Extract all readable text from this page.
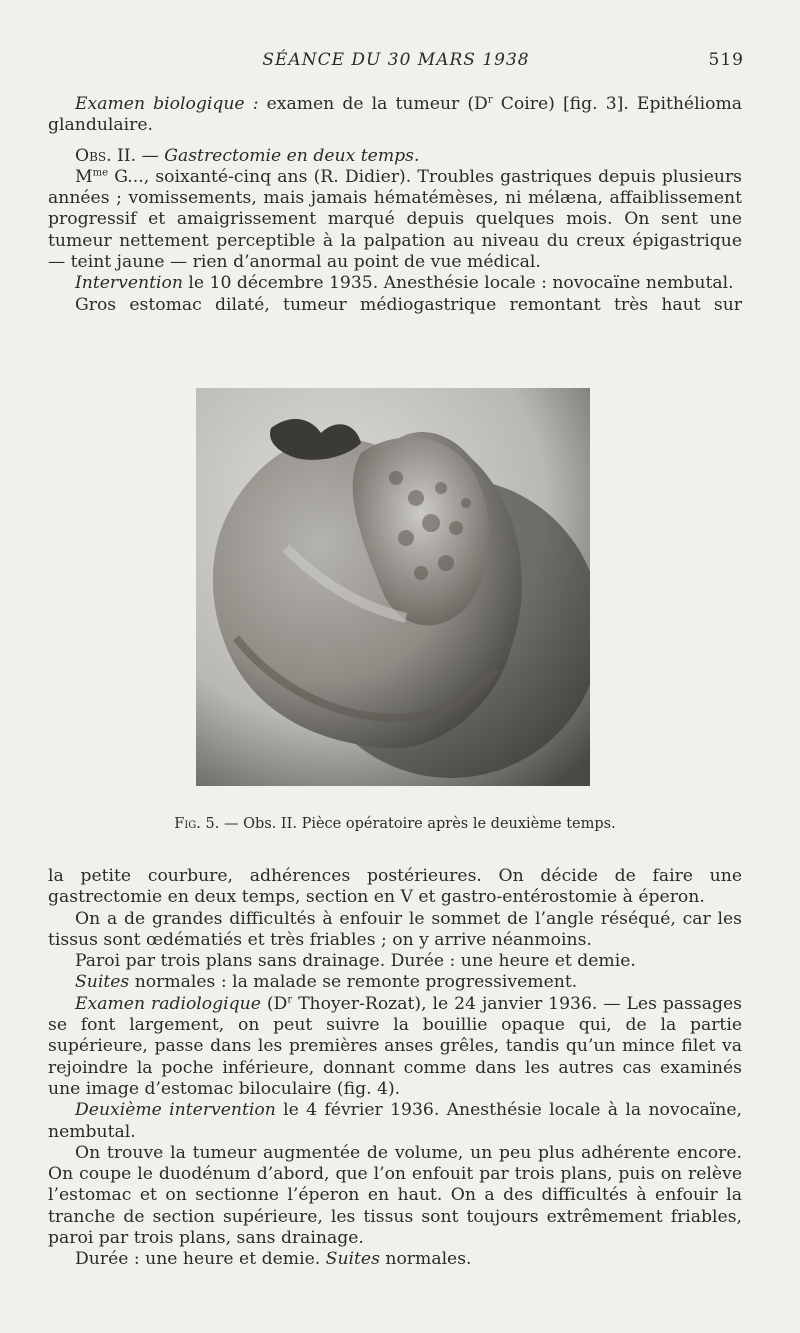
SÉANCE DU 30 MARS 1938	519

Examen biologique : examen de la tumeur ($D^r$ Coire) [fig. 3]. Epithélioma glandulaire.

Obs. II. — Gastrectomie en deux temps.

$M^{me}$ G..., soixanté-cinq ans (R. Didier). Troubles gastriques depuis plusieurs années ; vomissements, mais jamais hématémèses, ni mélæna, affaiblissement progressif et amaigrissement marqué depuis quelques mois. On sent une tumeur nettement perceptible à la palpation au niveau du creux épigastrique — teint jaune — rien d’anormal au point de vue médical.

Intervention le 10 décembre 1935. Anesthésie locale : novocaïne nembutal.

Gros estomac dilaté, tumeur médiogastrique remontant très haut sur

Fig. 5. — Obs. II. Pièce opératoire après le deuxième temps.

la petite courbure, adhérences postérieures. On décide de faire une gastrectomie en deux temps, section en V et gastro-entérostomie à éperon.

On a de grandes difficultés à enfouir le sommet de l’angle réséqué, car les tissus sont œdématiés et très friables ; on y arrive néanmoins.

Paroi par trois plans sans drainage. Durée : une heure et demie.

Suites normales : la malade se remonte progressivement.

Examen radiologique ($D^r$ Thoyer-Rozat), le 24 janvier 1936. — Les passages se font largement, on peut suivre la bouillie opaque qui, de la partie supérieure, passe dans les premières anses grêles, tandis qu’un mince filet va rejoindre la poche inférieure, donnant comme dans les autres cas examinés une image d’estomac biloculaire (fig. 4).

Deuxième intervention le 4 février 1936. Anesthésie locale à la novocaïne, nembutal.

On trouve la tumeur augmentée de volume, un peu plus adhérente encore. On coupe le duodénum d’abord, que l’on enfouit par trois plans, puis on relève l’estomac et on sectionne l’éperon en haut. On a des difficultés à enfouir la tranche de section supérieure, les tissus sont toujours extrêmement friables, paroi par trois plans, sans drainage.

Durée : une heure et demie. Suites normales.
